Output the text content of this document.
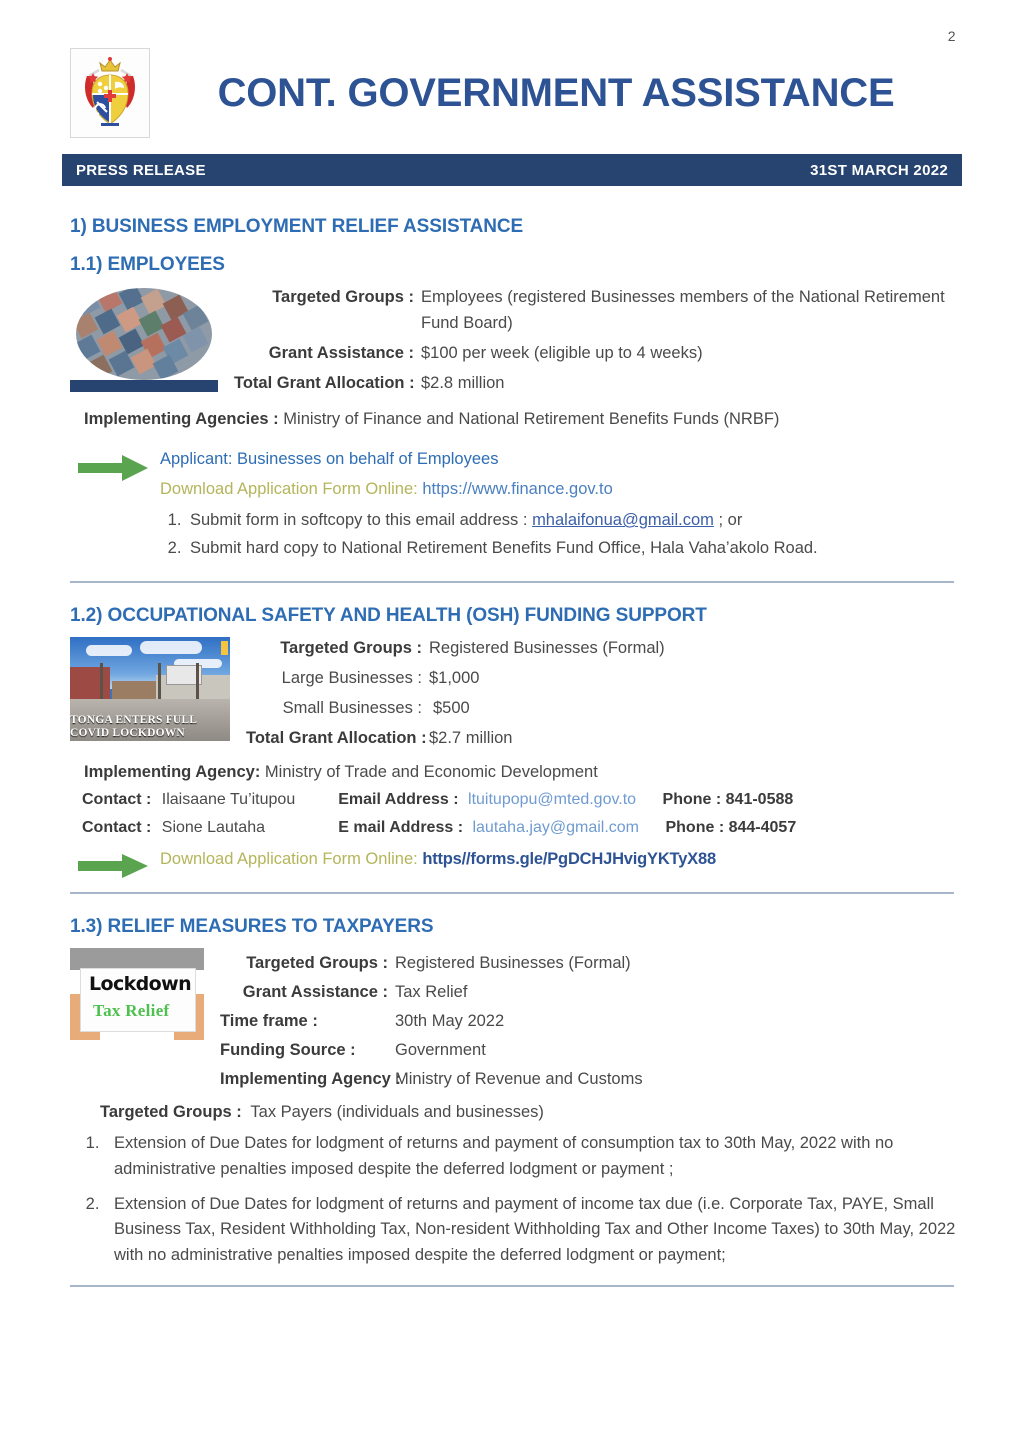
2
CONT. GOVERNMENT ASSISTANCE
PRESS RELEASE	31ST MARCH 2022
1) BUSINESS EMPLOYMENT RELIEF ASSISTANCE
1.1) EMPLOYEES
Targeted Groups : Employees (registered Businesses members of the National Retirement Fund Board)
Grant Assistance : $100 per week (eligible up to 4 weeks)
Total Grant Allocation : $2.8 million
Implementing Agencies : Ministry of Finance and National Retirement Benefits Funds (NRBF)
Applicant: Businesses on behalf of Employees
Download Application Form Online: https://www.finance.gov.to
1. Submit form in softcopy to this email address : mhalaifonua@gmail.com ; or
2. Submit hard copy to National Retirement Benefits Fund Office, Hala Vaha’akolo Road.
1.2) OCCUPATIONAL SAFETY AND HEALTH (OSH) FUNDING SUPPORT
TONGA ENTERS FULL COVID LOCKDOWN
Targeted Groups : Registered Businesses (Formal)
Large Businesses : $1,000
Small Businesses : $500
Total Grant Allocation : $2.7 million
Implementing Agency: Ministry of Trade and Economic Development
Contact : Ilaisaane Tu’itupou	Email Address : ltuitupopu@mted.gov.to Phone : 841-0588
Contact : Sione Lautaha	E mail Address : lautaha.jay@gmail.com Phone : 844-4057
Download Application Form Online: https//forms.gle/PgDCHJHvigYKTyX88
1.3) RELIEF MEASURES TO TAXPAYERS
Lockdown
Tax Relief
Targeted Groups : Registered Businesses (Formal)
Grant Assistance : Tax Relief
Time frame :	30th May 2022
Funding Source :	Government
Implementing Agency :
Ministry of Revenue and Customs
Targeted Groups : Tax Payers (individuals and businesses)
1. Extension of Due Dates for lodgment of returns and payment of consumption tax to 30th May, 2022 with no administrative penalties imposed despite the deferred lodgment or payment ;
2. Extension of Due Dates for lodgment of returns and payment of income tax due (i.e. Corporate Tax, PAYE, Small Business Tax, Resident Withholding Tax, Non-resident Withholding Tax and Other Income Taxes) to 30th May, 2022 with no administrative penalties imposed despite the deferred lodgment or payment;
